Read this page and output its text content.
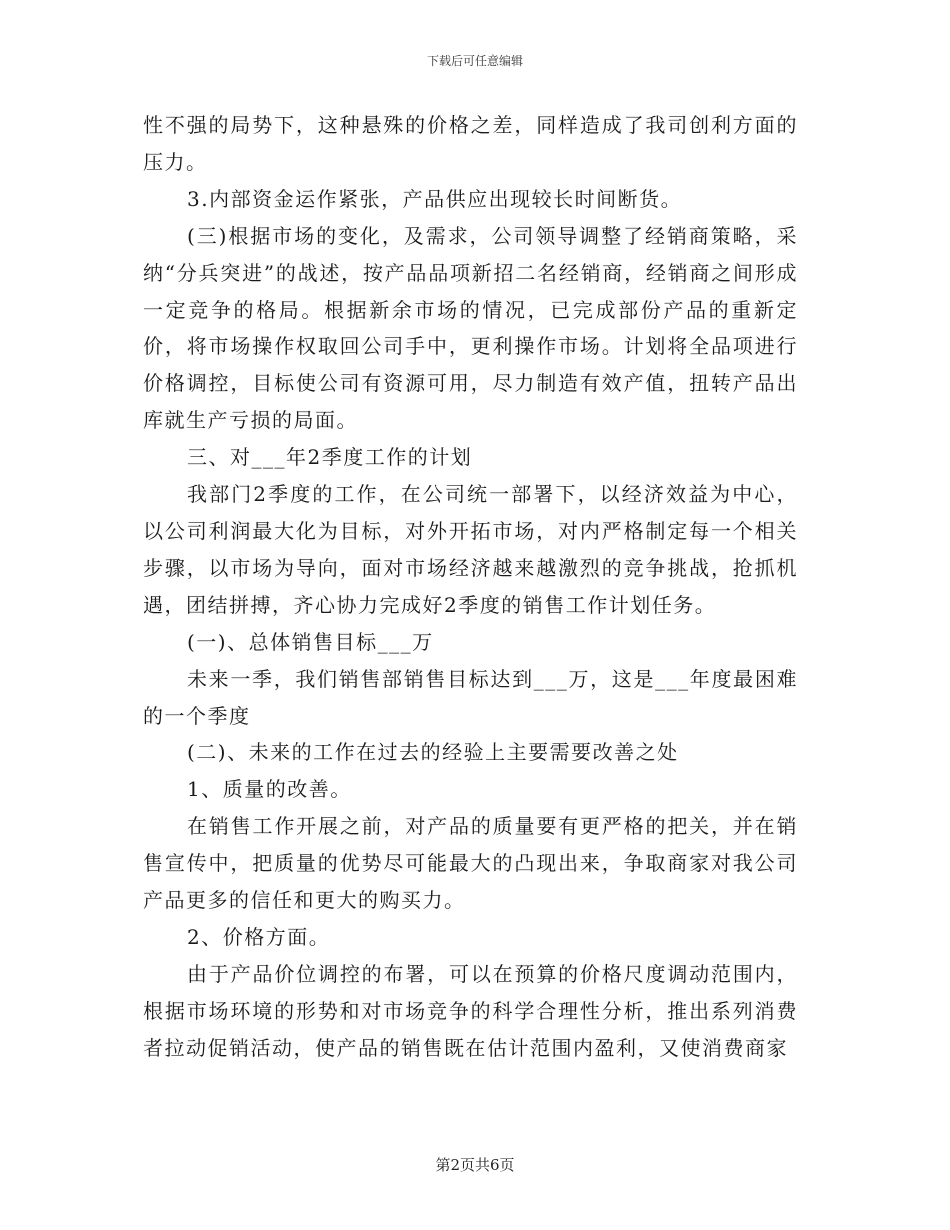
下载后可任意编辑

性不强的局势下，这种悬殊的价格之差，同样造成了我司创利方面的压力。

3.内部资金运作紧张，产品供应出现较长时间断货。

(三)根据市场的变化，及需求，公司领导调整了经销商策略，采纳“分兵突进”的战述，按产品品项新招二名经销商，经销商之间形成一定竞争的格局。根据新余市场的情况，已完成部份产品的重新定价，将市场操作权取回公司手中，更利操作市场。计划将全品项进行价格调控，目标使公司有资源可用，尽力制造有效产值，扭转产品出库就生产亏损的局面。

三、对___年2季度工作的计划

我部门2季度的工作，在公司统一部署下，以经济效益为中心，以公司利润最大化为目标，对外开拓市场，对内严格制定每一个相关步骤，以市场为导向，面对市场经济越来越激烈的竞争挑战，抢抓机遇，团结拼搏，齐心协力完成好2季度的销售工作计划任务。

(一)、总体销售目标___万

未来一季，我们销售部销售目标达到___万，这是___年度最困难的一个季度

(二)、未来的工作在过去的经验上主要需要改善之处

1、质量的改善。

在销售工作开展之前，对产品的质量要有更严格的把关，并在销售宣传中，把质量的优势尽可能最大的凸现出来，争取商家对我公司产品更多的信任和更大的购买力。

2、价格方面。

由于产品价位调控的布署，可以在预算的价格尺度调动范围内，根据市场环境的形势和对市场竞争的科学合理性分析，推出系列消费者拉动促销活动，使产品的销售既在估计范围内盈利，又使消费商家

第2页共6页
